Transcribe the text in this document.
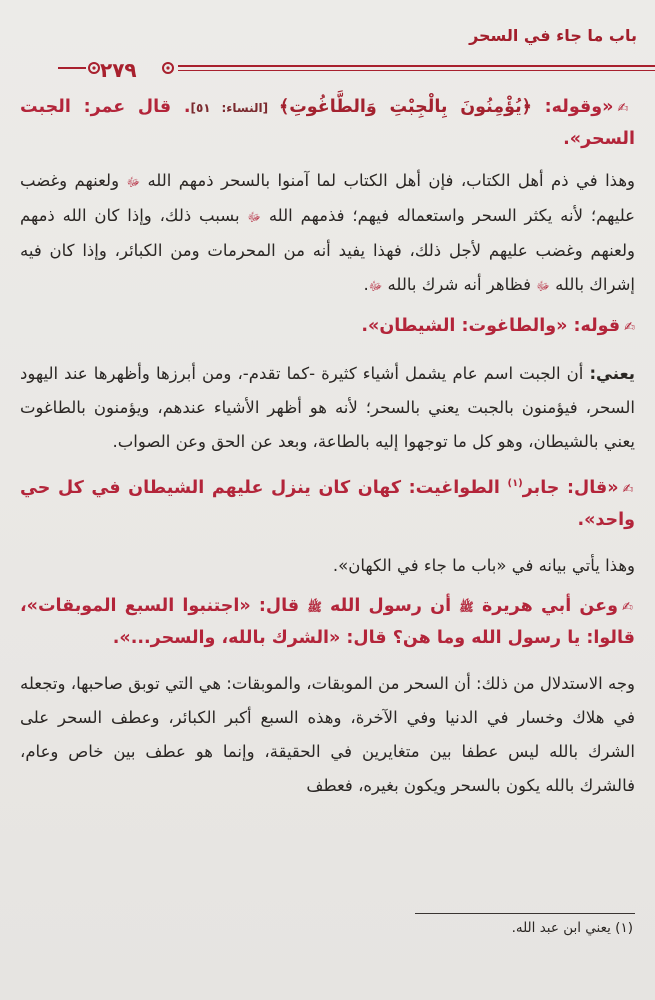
باب ما جاء في السحر
٢٧٩

✍«وقوله: ﴿يُؤْمِنُونَ بِالْجِبْتِ وَالطَّاغُوتِ﴾ [النساء: ٥١]. قال عمر: الجبت السحر».

وهذا في ذم أهل الكتاب، فإن أهل الكتاب لما آمنوا بالسحر ذمهم الله ﷻ ولعنهم وغضب عليهم؛ لأنه يكثر السحر واستعماله فيهم؛ فذمهم الله ﷻ بسبب ذلك، وإذا كان الله ذمهم ولعنهم وغضب عليهم لأجل ذلك، فهذا يفيد أنه من المحرمات ومن الكبائر، وإذا كان فيه إشراك بالله ﷻ فظاهر أنه شرك بالله ﷻ.

✍قوله: «والطاغوت: الشيطان».

يعني: أن الجبت اسم عام يشمل أشياء كثيرة -كما تقدم-، ومن أبرزها وأظهرها عند اليهود السحر، فيؤمنون بالجبت يعني بالسحر؛ لأنه هو أظهر الأشياء عندهم، ويؤمنون بالطاغوت يعني بالشيطان، وهو كل ما توجهوا إليه بالطاعة، وبعد عن الحق وعن الصواب.

✍«قال: جابر$^{(١)}$ الطواغيت: كهان كان ينزل عليهم الشيطان في كل حي واحد».

وهذا يأتي بيانه في «باب ما جاء في الكهان».

✍وعن أبي هريرة ﷺ أن رسول الله ﷺ قال: «اجتنبوا السبع الموبقات»، قالوا: يا رسول الله وما هن؟ قال: «الشرك بالله، والسحر...».

وجه الاستدلال من ذلك: أن السحر من الموبقات، والموبقات: هي التي توبق صاحبها، وتجعله في هلاك وخسار في الدنيا وفي الآخرة، وهذه السبع أكبر الكبائر، وعطف السحر على الشرك بالله ليس عطفا بين متغايرين في الحقيقة، وإنما هو عطف بين خاص وعام، فالشرك بالله يكون بالسحر ويكون بغيره، فعطف

(١) يعني ابن عبد الله.
